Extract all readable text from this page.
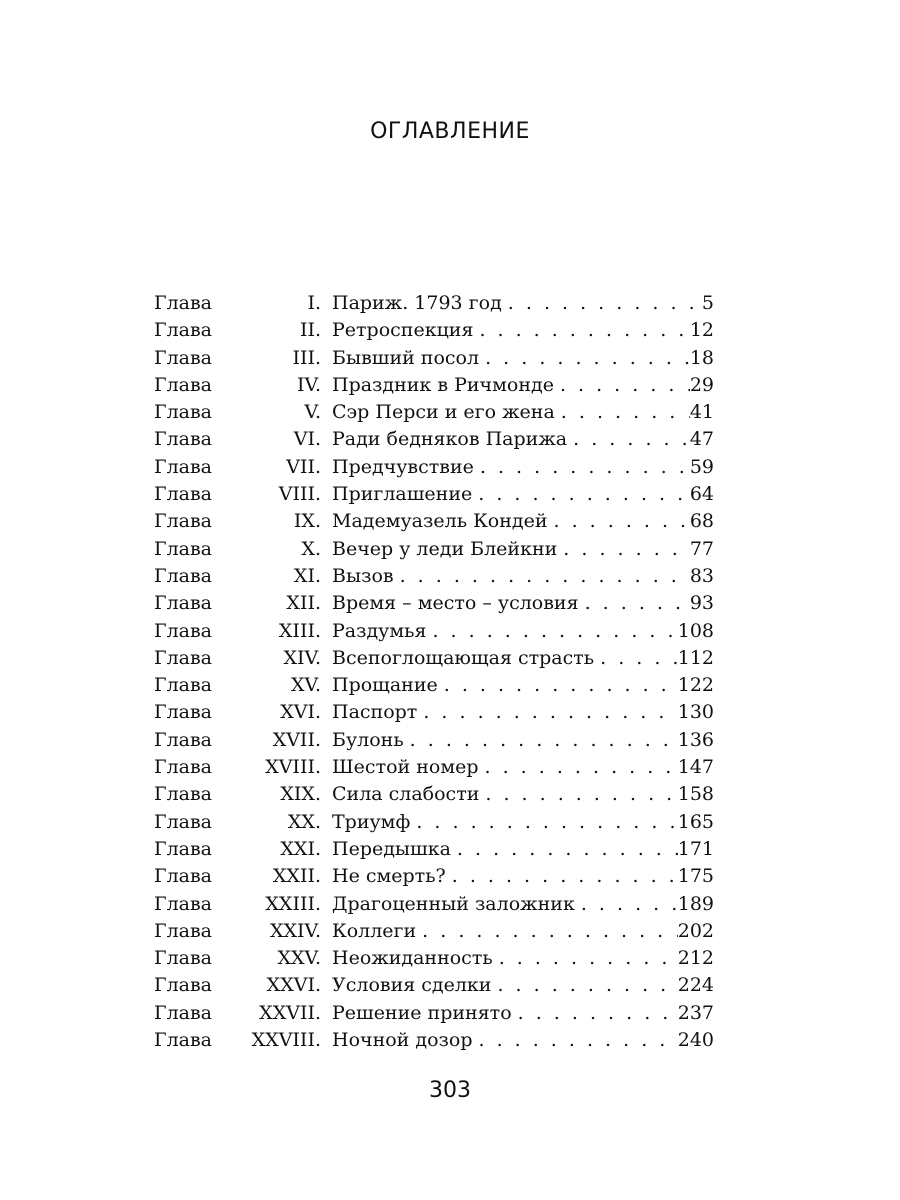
ОГЛАВЛЕНИЕ
Глава	I. Париж. 1793 год . . .	5
Глава	II. Ретроспекция . . .	12
Глава	III. Бывший посол . . .	18
Глава	IV. Праздник в Ричмонде . . .	29
Глава	V. Сэр Перси и его жена . . .	41
Глава	VI. Ради бедняков Парижа . . .	47
Глава	VII. Предчувствие . . .	59
Глава	VIII. Приглашение . . .	64
Глава	IX. Мадемуазель Кондей . . .	68
Глава	X. Вечер у леди Блейкни . . .	77
Глава	XI. Вызов . . .	83
Глава	XII. Время – место – условия . . .	93
Глава	XIII. Раздумья . . .	108
Глава	XIV. Всепоглощающая страсть . . .	112
Глава	XV. Прощание . . .	122
Глава	XVI. Паспорт . . .	130
Глава	XVII. Булонь . . .	136
Глава	XVIII. Шестой номер . . .	147
Глава	XIX. Сила слабости . . .	158
Глава	XX. Триумф . . .	165
Глава	XXI. Передышка . . .	171
Глава	XXII. Не смерть? . . .	175
Глава	XXIII. Драгоценный заложник . . .	189
Глава	XXIV. Коллеги . . .	202
Глава	XXV. Неожиданность . . .	212
Глава	XXVI. Условия сделки . . .	224
Глава	XXVII. Решение принято . . .	237
Глава	XXVIII. Ночной дозор . . .	240
303
